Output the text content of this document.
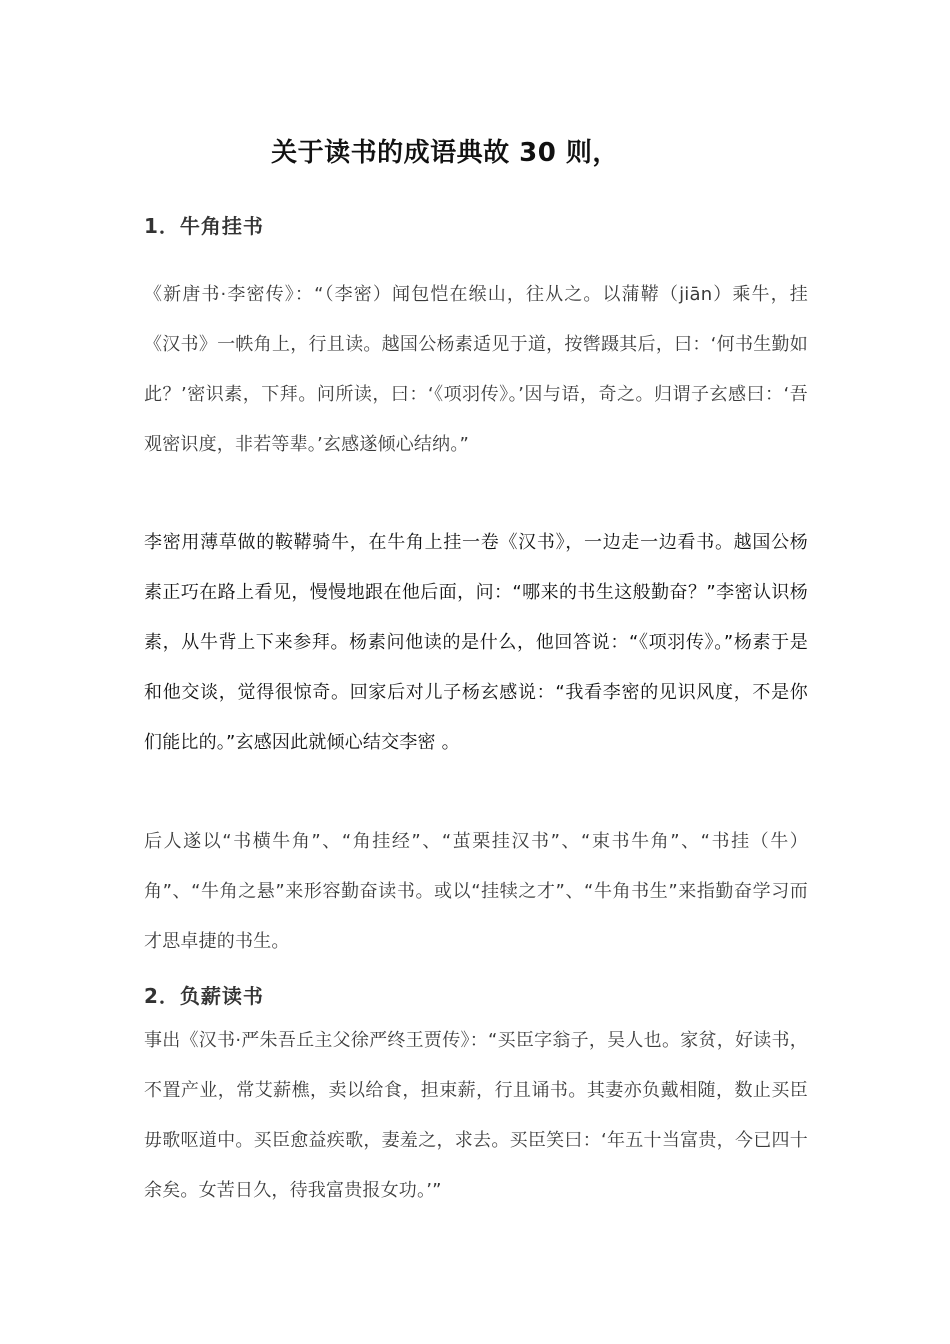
关于读书的成语典故 30 则，
1．牛角挂书
《新唐书·李密传》：“（李密）闻包恺在缑山，往从之。以蒲鞯（jiān）乘牛，挂《汉书》一帙角上，行且读。越国公杨素适见于道，按辔蹑其后，曰：‘何书生勤如此？’密识素，下拜。问所读，曰：‘《项羽传》。’因与语，奇之。归谓子玄感曰：‘吾观密识度，非若等辈。’玄感遂倾心结纳。”
李密用薄草做的鞍鞯骑牛，在牛角上挂一卷《汉书》，一边走一边看书。越国公杨素正巧在路上看见，慢慢地跟在他后面，问：“哪来的书生这般勤奋？”李密认识杨素，从牛背上下来参拜。杨素问他读的是什么，他回答说：“《项羽传》。”杨素于是和他交谈，觉得很惊奇。回家后对儿子杨玄感说：“我看李密的见识风度，不是你们能比的。”玄感因此就倾心结交李密 。
后人遂以“书横牛角”、“角挂经”、“茧栗挂汉书”、“束书牛角”、“书挂（牛）角”、“牛角之悬”来形容勤奋读书。或以“挂犊之才”、“牛角书生”来指勤奋学习而才思卓捷的书生。
2．负薪读书
事出《汉书·严朱吾丘主父徐严终王贾传》：“买臣字翁子，吴人也。家贫，好读书，不置产业，常艾薪樵，卖以给食，担束薪，行且诵书。其妻亦负戴相随，数止买臣毋歌呕道中。买臣愈益疾歌，妻羞之，求去。买臣笑曰：‘年五十当富贵，今已四十余矣。女苦日久，待我富贵报女功。’”
